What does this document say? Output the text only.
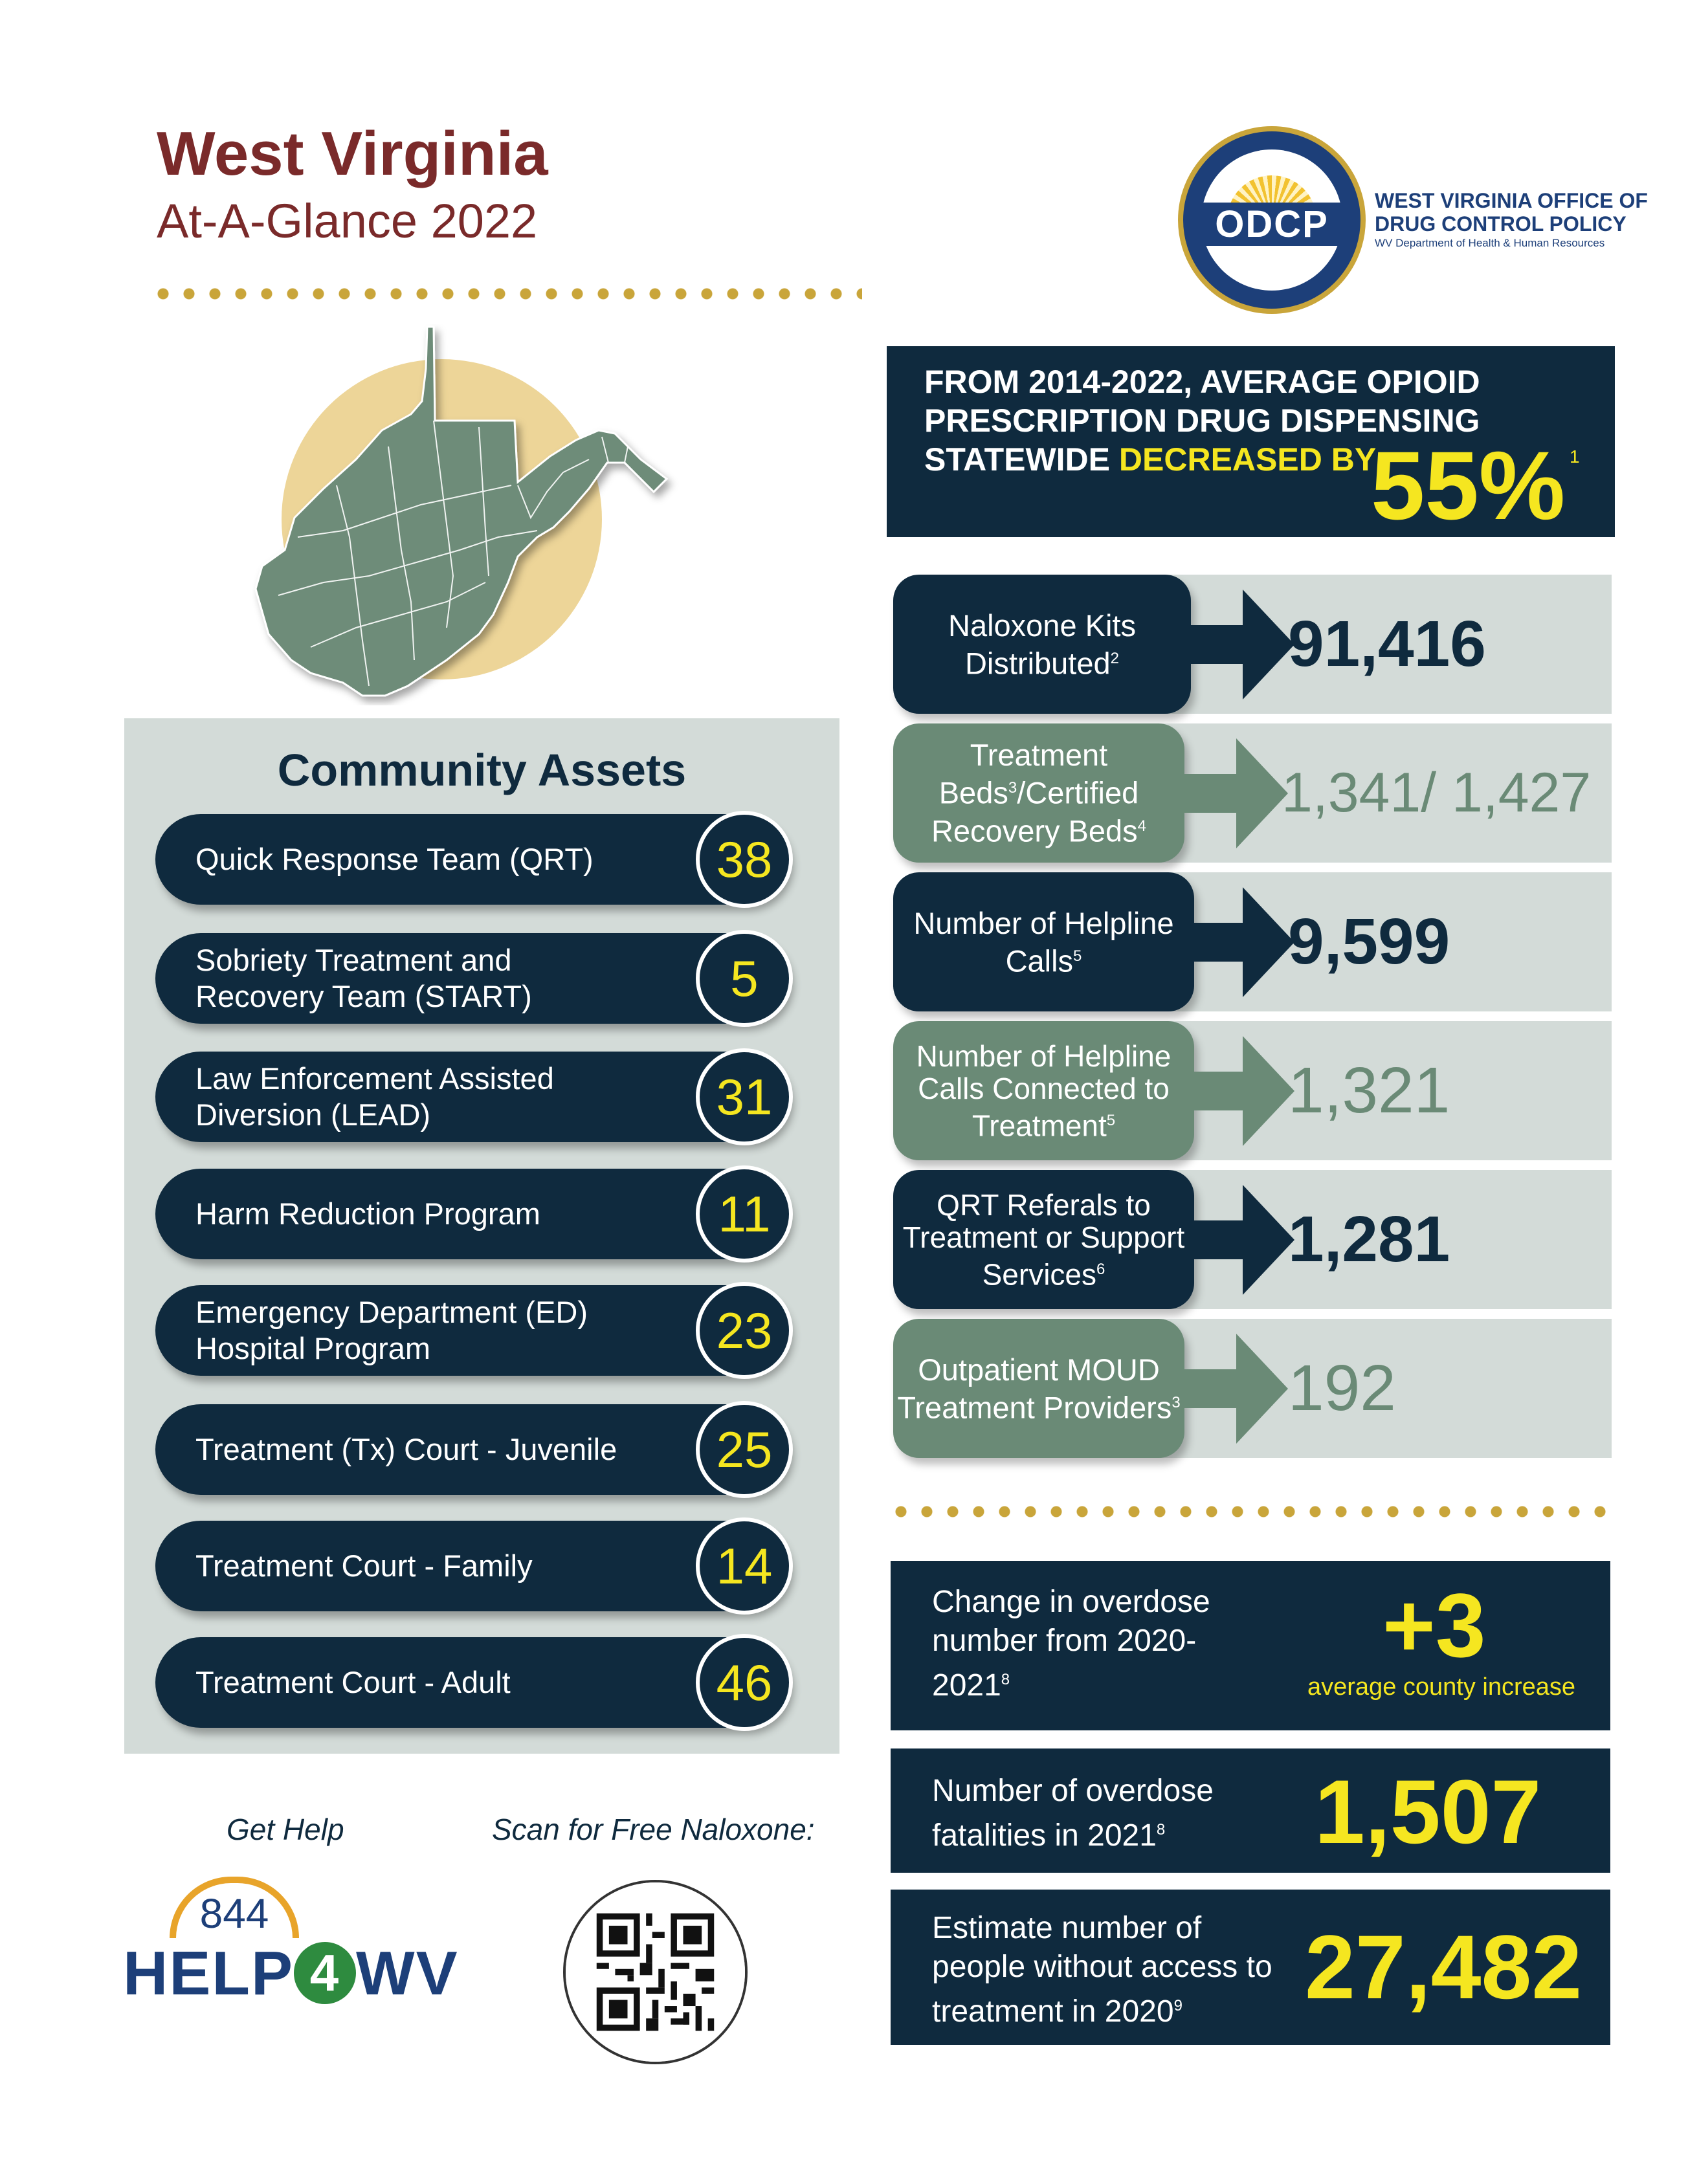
West Virginia
At-A-Glance 2022	ODCP
WEST VIRGINIA OFFICE OF
DRUG CONTROL POLICY
WV Department of Health & Human Resources
Community Assets
Quick Response Team (QRT)	38
Sobriety Treatment and Recovery Team (START)	5
Law Enforcement Assisted Diversion (LEAD)	31
Harm Reduction Program	11
Emergency Department (ED) Hospital Program	23
Treatment (Tx) Court - Juvenile	25
Treatment Court - Family	14
Treatment Court - Adult	46
Get Help	Scan for Free Naloxone:
844
HELP 4 WV
FROM 2014-2022, AVERAGE OPIOID
PRESCRIPTION DRUG DISPENSING
STATEWIDE DECREASED BY
55% 1
Naloxone Kits Distributed$^2$	91,416
Treatment Beds$^3$/Certified Recovery Beds$^4$
1,341/ 1,427
Number of Helpline Calls$^5$	9,599
Number of Helpline Calls Connected to Treatment$^5$	1,321
QRT Referals to Treatment or Support Services$^6$	1,281
Outpatient MOUD Treatment Providers$^3$ 192
Change in overdose number from $2020-2021^8$
+3
average county increase
Number of overdose fatalities in 2021$^8$	1,507
Estimate number of people without access to treatment in 2020$^9$	27,482
